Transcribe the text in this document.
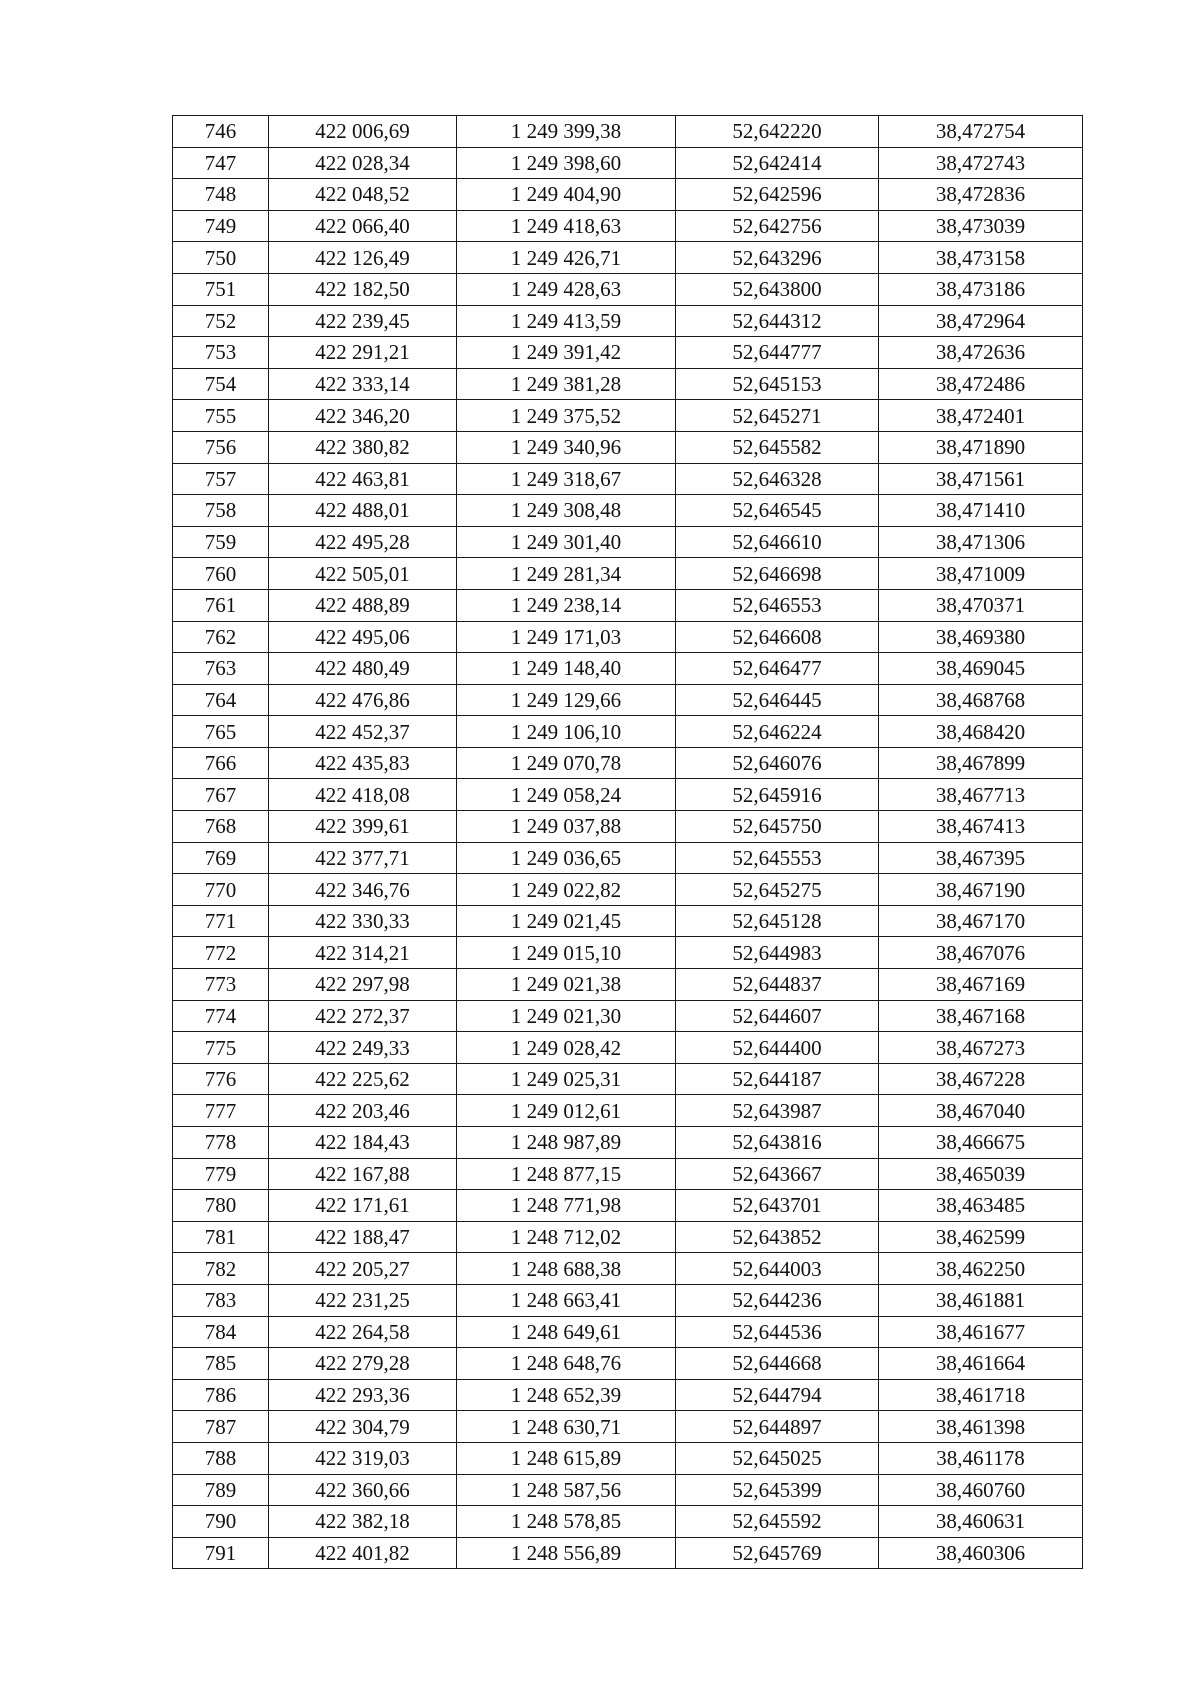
746	422 006,69	1 249 399,38	52,642220	38,472754
747	422 028,34	1 249 398,60	52,642414	38,472743
748	422 048,52	1 249 404,90	52,642596	38,472836
749	422 066,40	1 249 418,63	52,642756	38,473039
750	422 126,49	1 249 426,71	52,643296	38,473158
751	422 182,50	1 249 428,63	52,643800	38,473186
752	422 239,45	1 249 413,59	52,644312	38,472964
753	422 291,21	1 249 391,42	52,644777	38,472636
754	422 333,14	1 249 381,28	52,645153	38,472486
755	422 346,20	1 249 375,52	52,645271	38,472401
756	422 380,82	1 249 340,96	52,645582	38,471890
757	422 463,81	1 249 318,67	52,646328	38,471561
758	422 488,01	1 249 308,48	52,646545	38,471410
759	422 495,28	1 249 301,40	52,646610	38,471306
760	422 505,01	1 249 281,34	52,646698	38,471009
761	422 488,89	1 249 238,14	52,646553	38,470371
762	422 495,06	1 249 171,03	52,646608	38,469380
763	422 480,49	1 249 148,40	52,646477	38,469045
764	422 476,86	1 249 129,66	52,646445	38,468768
765	422 452,37	1 249 106,10	52,646224	38,468420
766	422 435,83	1 249 070,78	52,646076	38,467899
767	422 418,08	1 249 058,24	52,645916	38,467713
768	422 399,61	1 249 037,88	52,645750	38,467413
769	422 377,71	1 249 036,65	52,645553	38,467395
770	422 346,76	1 249 022,82	52,645275	38,467190
771	422 330,33	1 249 021,45	52,645128	38,467170
772	422 314,21	1 249 015,10	52,644983	38,467076
773	422 297,98	1 249 021,38	52,644837	38,467169
774	422 272,37	1 249 021,30	52,644607	38,467168
775	422 249,33	1 249 028,42	52,644400	38,467273
776	422 225,62	1 249 025,31	52,644187	38,467228
777	422 203,46	1 249 012,61	52,643987	38,467040
778	422 184,43	1 248 987,89	52,643816	38,466675
779	422 167,88	1 248 877,15	52,643667	38,465039
780	422 171,61	1 248 771,98	52,643701	38,463485
781	422 188,47	1 248 712,02	52,643852	38,462599
782	422 205,27	1 248 688,38	52,644003	38,462250
783	422 231,25	1 248 663,41	52,644236	38,461881
784	422 264,58	1 248 649,61	52,644536	38,461677
785	422 279,28	1 248 648,76	52,644668	38,461664
786	422 293,36	1 248 652,39	52,644794	38,461718
787	422 304,79	1 248 630,71	52,644897	38,461398
788	422 319,03	1 248 615,89	52,645025	38,461178
789	422 360,66	1 248 587,56	52,645399	38,460760
790	422 382,18	1 248 578,85	52,645592	38,460631
791	422 401,82	1 248 556,89	52,645769	38,460306
